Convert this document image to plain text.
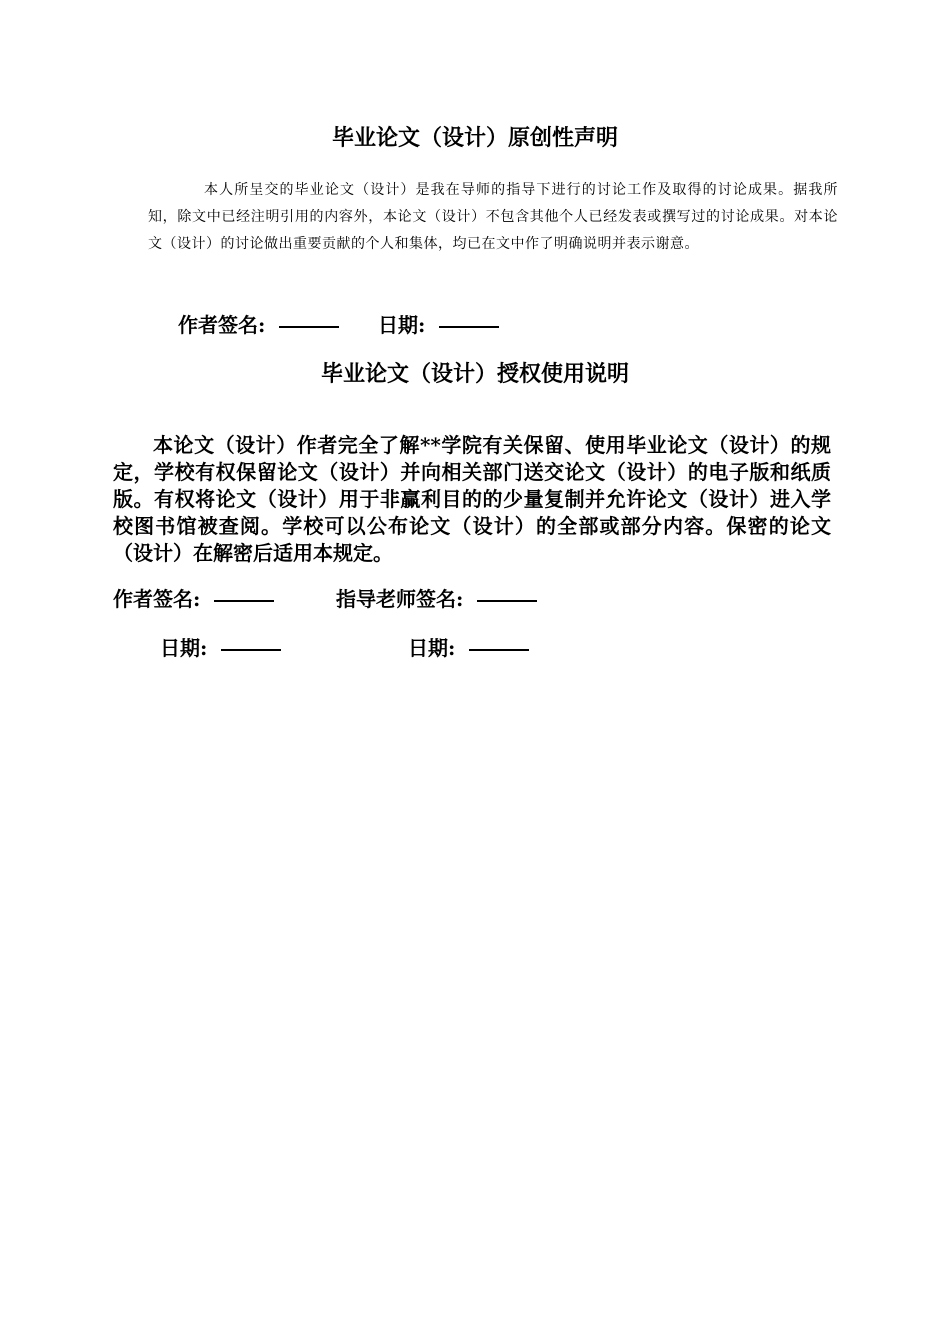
毕业论文（设计）原创性声明

本人所呈交的毕业论文（设计）是我在导师的指导下进行的讨论工作及取得的讨论成果。据我所知，除文中已经注明引用的内容外，本论文（设计）不包含其他个人已经发表或撰写过的讨论成果。对本论文（设计）的讨论做出重要贡献的个人和集体，均已在文中作了明确说明并表示谢意。

作者签名:	日期:
毕业论文（设计）授权使用说明

本论文（设计）作者完全了解**学院有关保留、使用毕业论文（设计）的规定，学校有权保留论文（设计）并向相关部门送交论文（设计）的电子版和纸质版。有权将论文（设计）用于非赢利目的的少量复制并允许论文（设计）进入学校图书馆被查阅。学校可以公布论文（设计）的全部或部分内容。保密的论文（设计）在解密后适用本规定。

作者签名:	指导老师签名:
日期:	日期:
